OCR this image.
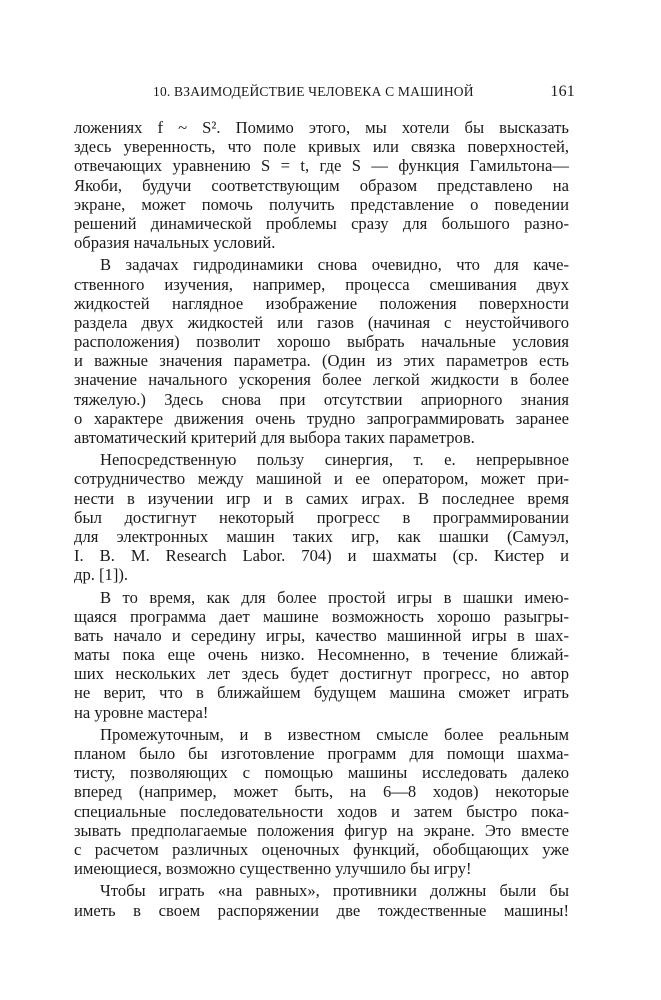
10. ВЗАИМОДЕЙСТВИЕ ЧЕЛОВЕКА С МАШИНОЙ	161

ложениях f ~ S². Помимо этого, мы хотели бы высказать
здесь уверенность, что поле кривых или связка поверхностей,
отвечающих уравнению S = t, где S — функция Гамильтона—
Якоби, будучи соответствующим образом представлено на
экране, может помочь получить представление о поведении
решений динамической проблемы сразу для большого разно-
образия начальных условий.

В задачах гидродинамики снова очевидно, что для каче-
ственного изучения, например, процесса смешивания двух
жидкостей наглядное изображение положения поверхности
раздела двух жидкостей или газов (начиная с неустойчивого
расположения) позволит хорошо выбрать начальные условия
и важные значения параметра. (Один из этих параметров есть
значение начального ускорения более легкой жидкости в более
тяжелую.) Здесь снова при отсутствии априорного знания
о характере движения очень трудно запрограммировать заранее
автоматический критерий для выбора таких параметров.

Непосредственную пользу синергия, т. е. непрерывное
сотрудничество между машиной и ее оператором, может при-
нести в изучении игр и в самих играх. В последнее время
был достигнут некоторый прогресс в программировании
для электронных машин таких игр, как шашки (Самуэл,
I. B. M. Research Labor. 704) и шахматы (ср. Кистер и
др. [1]).

В то время, как для более простой игры в шашки имею-
щаяся программа дает машине возможность хорошо разыгры-
вать начало и середину игры, качество машинной игры в шах-
маты пока еще очень низко. Несомненно, в течение ближай-
ших нескольких лет здесь будет достигнут прогресс, но автор
не верит, что в ближайшем будущем машина сможет играть
на уровне мастера!

Промежуточным, и в известном смысле более реальным
планом было бы изготовление программ для помощи шахма-
тисту, позволяющих с помощью машины исследовать далеко
вперед (например, может быть, на 6—8 ходов) некоторые
специальные последовательности ходов и затем быстро пока-
зывать предполагаемые положения фигур на экране. Это вместе
с расчетом различных оценочных функций, обобщающих уже
имеющиеся, возможно существенно улучшило бы игру!

Чтобы играть «на равных», противники должны были бы
иметь в своем распоряжении две тождественные машины!
